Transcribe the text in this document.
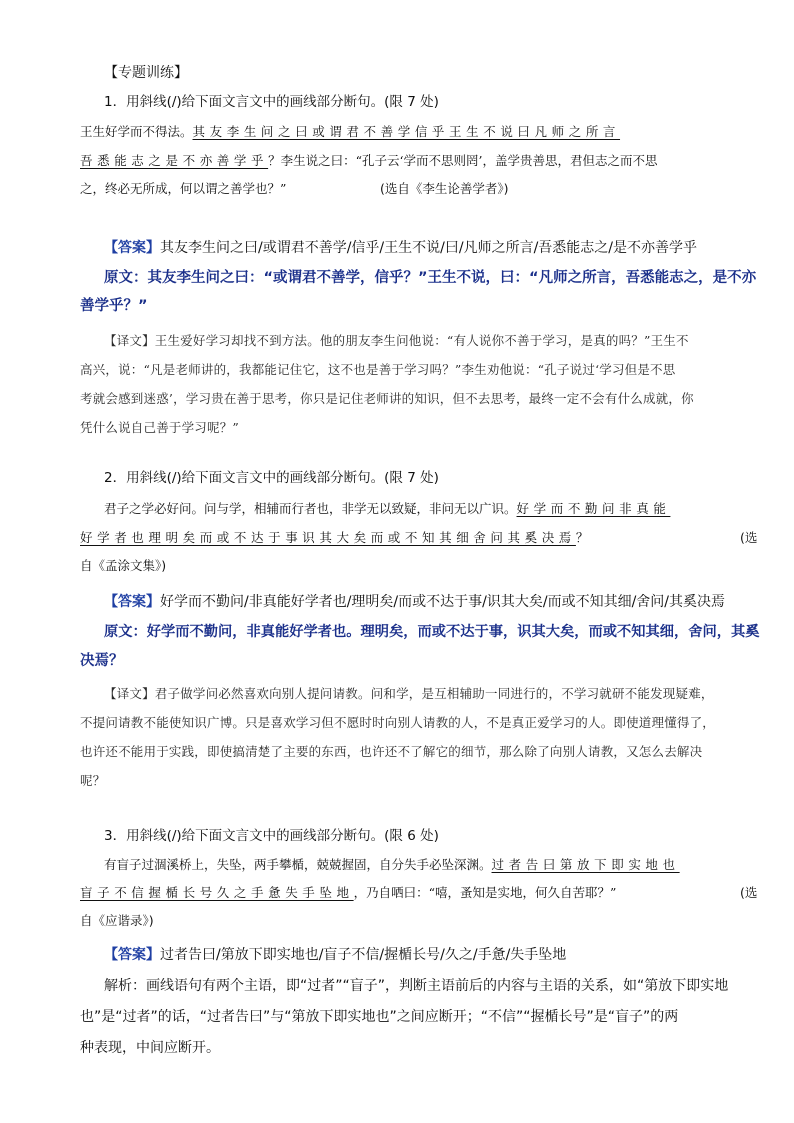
【专题训练】
1．用斜线(/)给下面文言文中的画线部分断句。(限 7 处)
王生好学而不得法。其友李生问之曰或谓君不善学信乎王生不说曰凡师之所言
吾悉能志之是不亦善学乎？李生说之曰：“孔子云‘学而不思则罔’，盖学贵善思，君但志之而不思
之，终必无所成，何以谓之善学也？”	(选自《李生论善学者》)
【答案】其友李生问之曰/或谓君不善学/信乎/王生不说/曰/凡师之所言/吾悉能志之/是不亦善学乎
原文：其友李生问之曰：“或谓君不善学，信乎？”王生不说，曰：“凡师之所言，吾悉能志之，是不亦
善学乎？”
【译文】王生爱好学习却找不到方法。他的朋友李生问他说：“有人说你不善于学习，是真的吗？”王生不
高兴，说：“凡是老师讲的，我都能记住它，这不也是善于学习吗？”李生劝他说：“孔子说过‘学习但是不思
考就会感到迷惑’，学习贵在善于思考，你只是记住老师讲的知识，但不去思考，最终一定不会有什么成就，你
凭什么说自己善于学习呢？”
2．用斜线(/)给下面文言文中的画线部分断句。(限 7 处)
君子之学必好问。问与学，相辅而行者也，非学无以致疑，非问无以广识。好学而不勤问非真能
好学者也理明矣而或不达于事识其大矣而或不知其细舍问其奚决焉？	(选
自《孟涂文集》)
【答案】好学而不勤问/非真能好学者也/理明矣/而或不达于事/识其大矣/而或不知其细/舍问/其奚决焉
原文：好学而不勤问，非真能好学者也。理明矣，而或不达于事，识其大矣，而或不知其细，舍问，其奚
决焉？
【译文】君子做学问必然喜欢向别人提问请教。问和学，是互相辅助一同进行的，不学习就研不能发现疑难，
不提问请教不能使知识广博。只是喜欢学习但不愿时时向别人请教的人，不是真正爱学习的人。即使道理懂得了，
也许还不能用于实践，即使搞清楚了主要的东西，也许还不了解它的细节，那么除了向别人请教，又怎么去解决
呢？
3．用斜线(/)给下面文言文中的画线部分断句。(限 6 处)
有盲子过涸溪桥上，失坠，两手攀楯，兢兢握固，自分失手必坠深渊。过者告曰第放下即实地也
盲子不信握楯长号久之手惫失手坠地，乃自哂曰：“嘻，蚤知是实地，何久自苦耶？”	(选
自《应谐录》)
【答案】过者告曰/第放下即实地也/盲子不信/握楯长号/久之/手惫/失手坠地
解析：画线语句有两个主语，即“过者”“盲子”，判断主语前后的内容与主语的关系，如“第放下即实地
也”是“过者”的话，“过者告曰”与“第放下即实地也”之间应断开；“不信”“握楯长号”是“盲子”的两
种表现，中间应断开。
